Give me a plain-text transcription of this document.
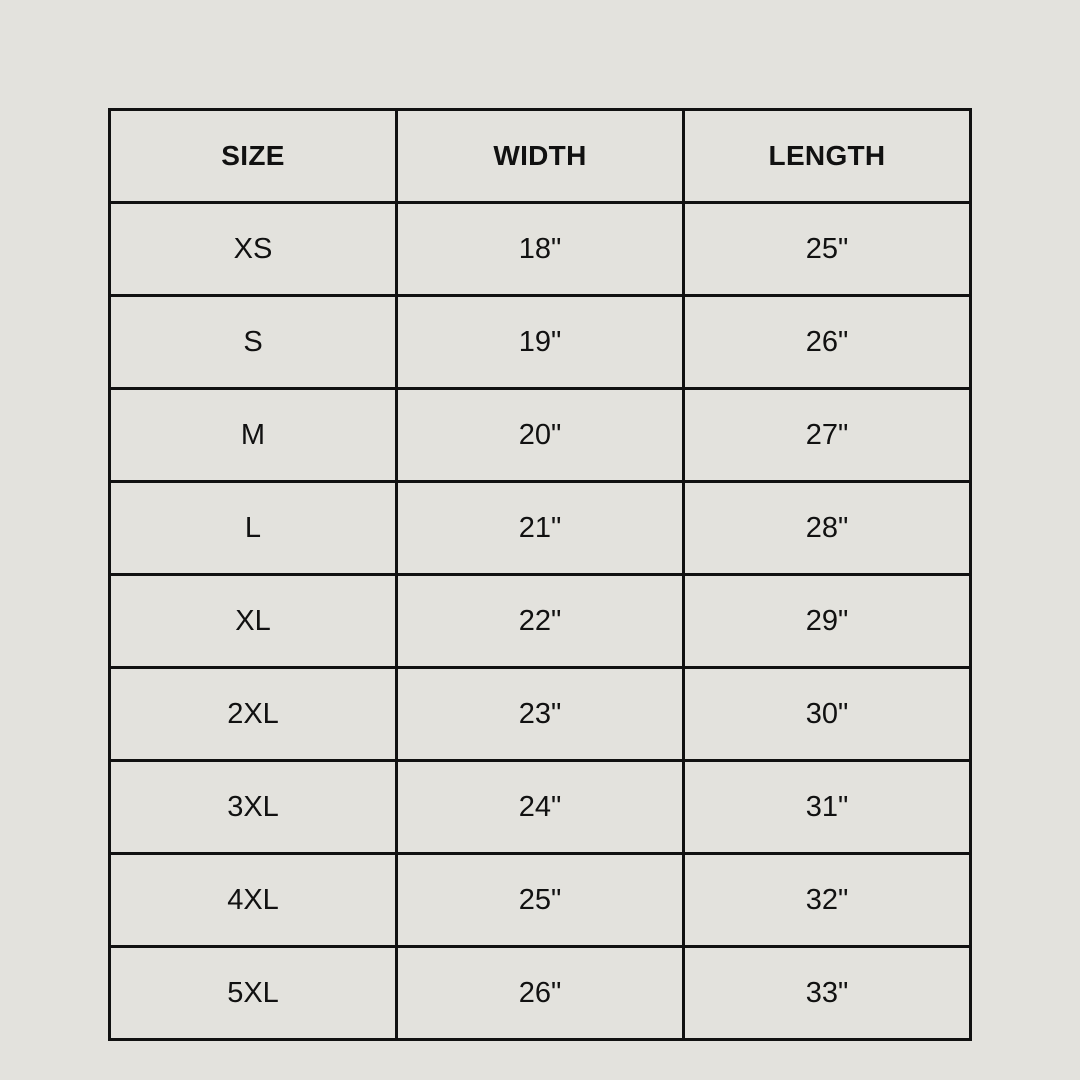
SIZE	WIDTH	LENGTH
XS	18"	25"
S	19"	26"
M	20"	27"
L	21"	28"
XL	22"	29"
2XL	23"	30"
3XL	24"	31"
4XL	25"	32"
5XL	26"	33"
